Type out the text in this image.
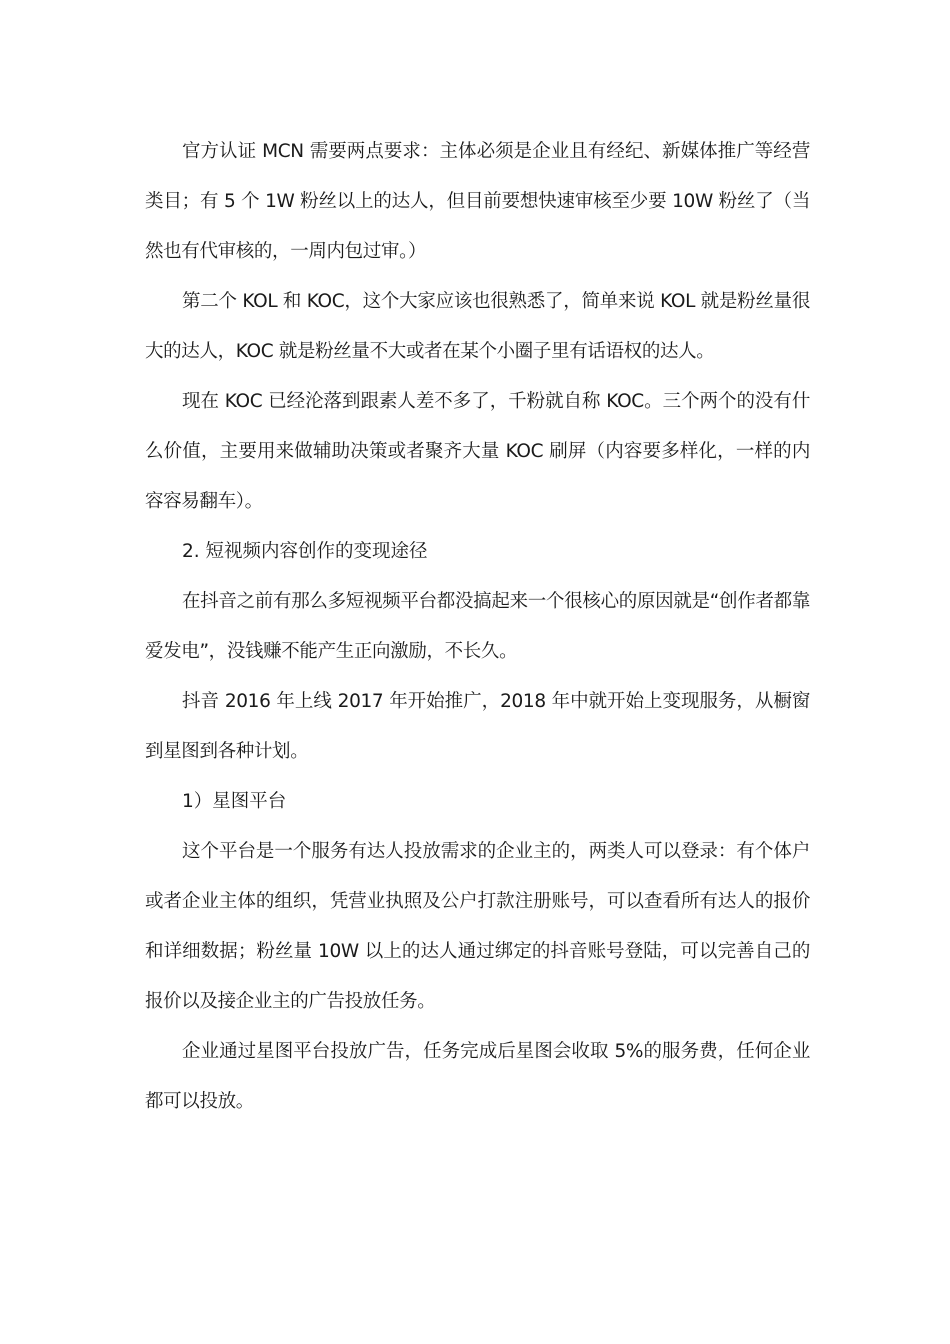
官方认证 MCN 需要两点要求：主体必须是企业且有经纪、新媒体推广等经营类目；有 5 个 1W 粉丝以上的达人，但目前要想快速审核至少要 10W 粉丝了（当然也有代审核的，一周内包过审。）

第二个 KOL 和 KOC，这个大家应该也很熟悉了，简单来说 KOL 就是粉丝量很大的达人，KOC 就是粉丝量不大或者在某个小圈子里有话语权的达人。

现在 KOC 已经沦落到跟素人差不多了，千粉就自称 KOC。三个两个的没有什么价值，主要用来做辅助决策或者聚齐大量 KOC 刷屏（内容要多样化，一样的内容容易翻车）。

2. 短视频内容创作的变现途径

在抖音之前有那么多短视频平台都没搞起来一个很核心的原因就是“创作者都靠爱发电”，没钱赚不能产生正向激励，不长久。

抖音 2016 年上线 2017 年开始推广，2018 年中就开始上变现服务，从橱窗到星图到各种计划。

1）星图平台

这个平台是一个服务有达人投放需求的企业主的，两类人可以登录：有个体户或者企业主体的组织，凭营业执照及公户打款注册账号，可以查看所有达人的报价和详细数据；粉丝量 10W 以上的达人通过绑定的抖音账号登陆，可以完善自己的报价以及接企业主的广告投放任务。

企业通过星图平台投放广告，任务完成后星图会收取 5%的服务费，任何企业都可以投放。
